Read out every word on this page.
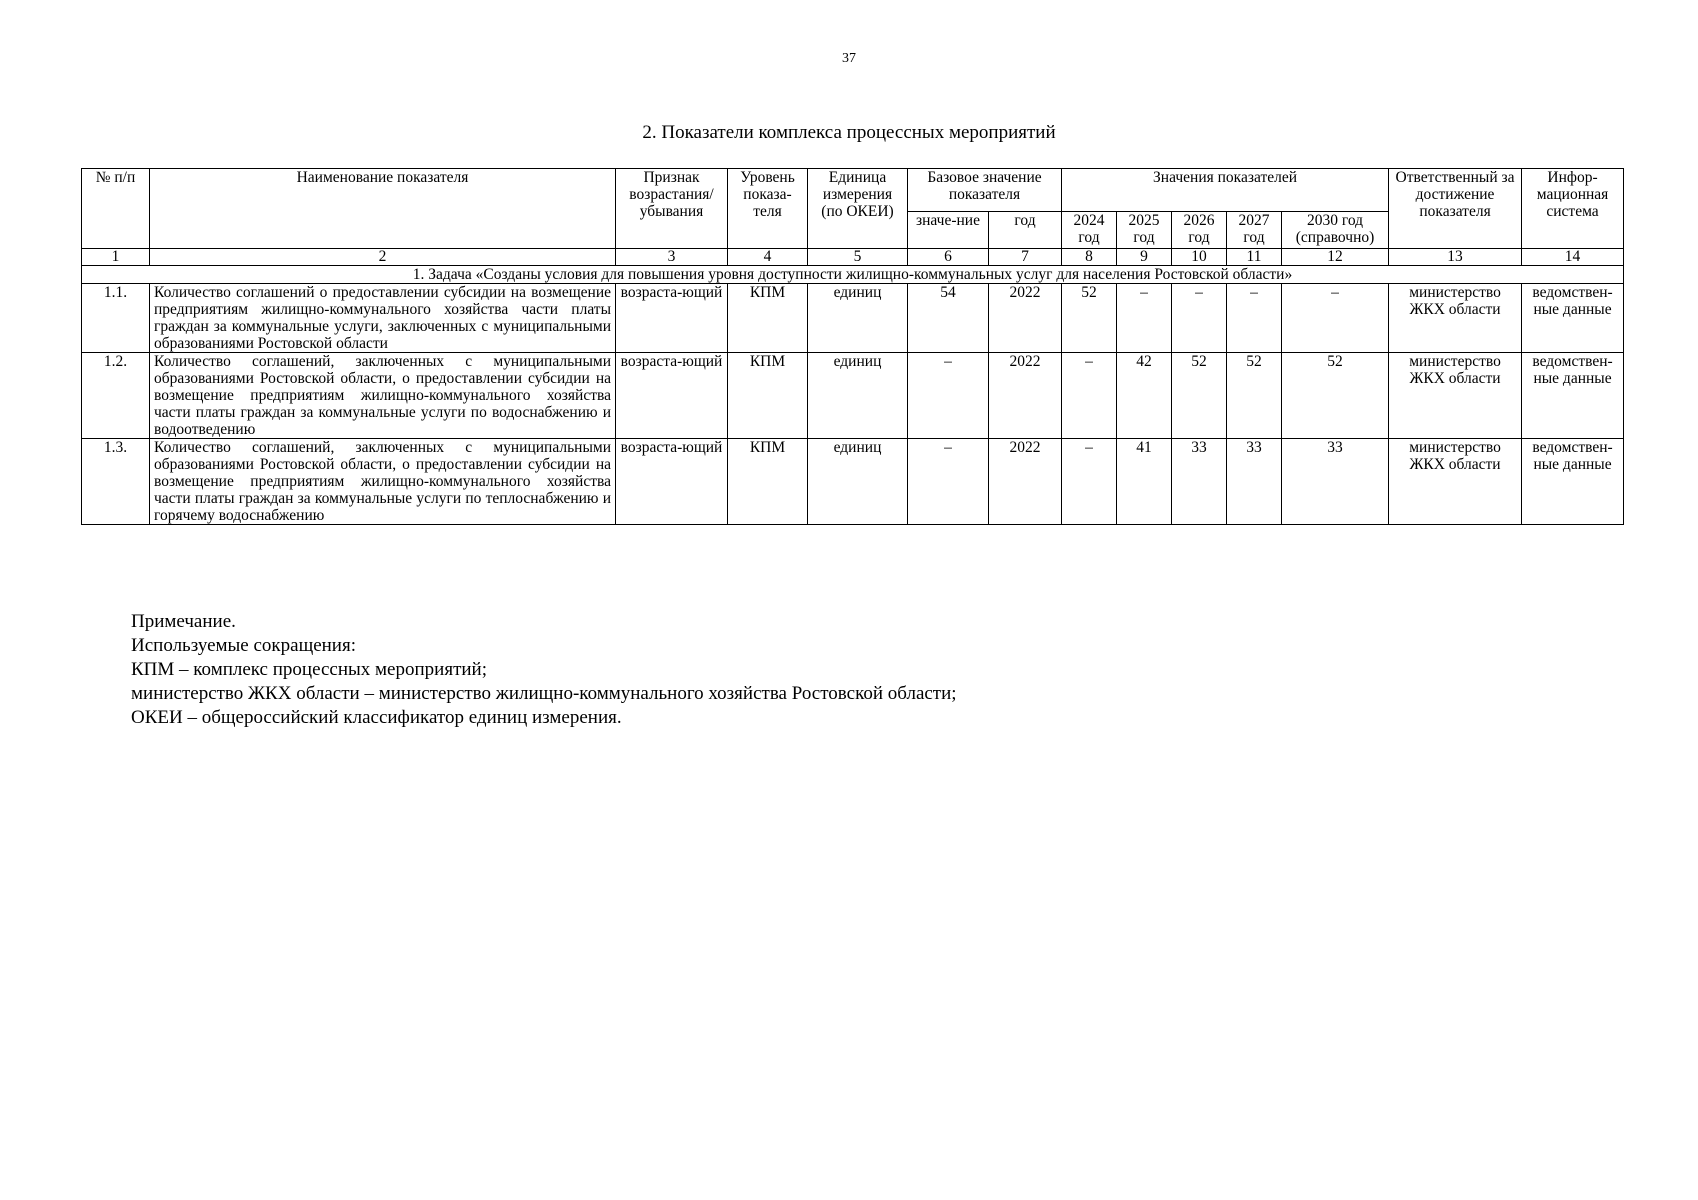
37
2. Показатели комплекса процессных мероприятий
№ п/п	Наименование показателя	Признак возрастания/ убывания	Уровень показа-теля	Единица измерения (по ОКЕИ)	Базовое значение показателя		Значения показателей					Ответственный за достижение показателя	Инфор-мационная система
					значе-ние	год	2024 год	2025 год	2026 год	2027 год	2030 год (справочно)		
1	2	3	4	5	6	7	8	9	10	11	12	13	14
1. Задача «Созданы условия для повышения уровня доступности жилищно-коммунальных услуг для населения Ростовской области»													
1.1.	Количество соглашений о предоставлении субсидии на возмещение предприятиям жилищно-коммунального хозяйства части платы граждан за коммунальные услуги, заключенных с муниципальными образованиями Ростовской области	возраста-ющий	КПМ	единиц	54	2022	52	–	–	–	–	министерство ЖКХ области	ведомствен-ные данные
1.2.	Количество соглашений, заключенных с муниципальными образованиями Ростовской области, о предоставлении субсидии на возмещение предприятиям жилищно-коммунального хозяйства части платы граждан за коммунальные услуги по водоснабжению и водоотведению	возраста-ющий	КПМ	единиц	–	2022	–	42	52	52	52	министерство ЖКХ области	ведомствен-ные данные
1.3.	Количество соглашений, заключенных с муниципальными образованиями Ростовской области, о предоставлении субсидии на возмещение предприятиям жилищно-коммунального хозяйства части платы граждан за коммунальные услуги по теплоснабжению и горячему водоснабжению	возраста-ющий	КПМ	единиц	–	2022	–	41	33	33	33	министерство ЖКХ области	ведомствен-ные данные
Примечание.
Используемые сокращения:
КПМ – комплекс процессных мероприятий;
министерство ЖКХ области – министерство жилищно-коммунального хозяйства Ростовской области;
ОКЕИ – общероссийский классификатор единиц измерения.
